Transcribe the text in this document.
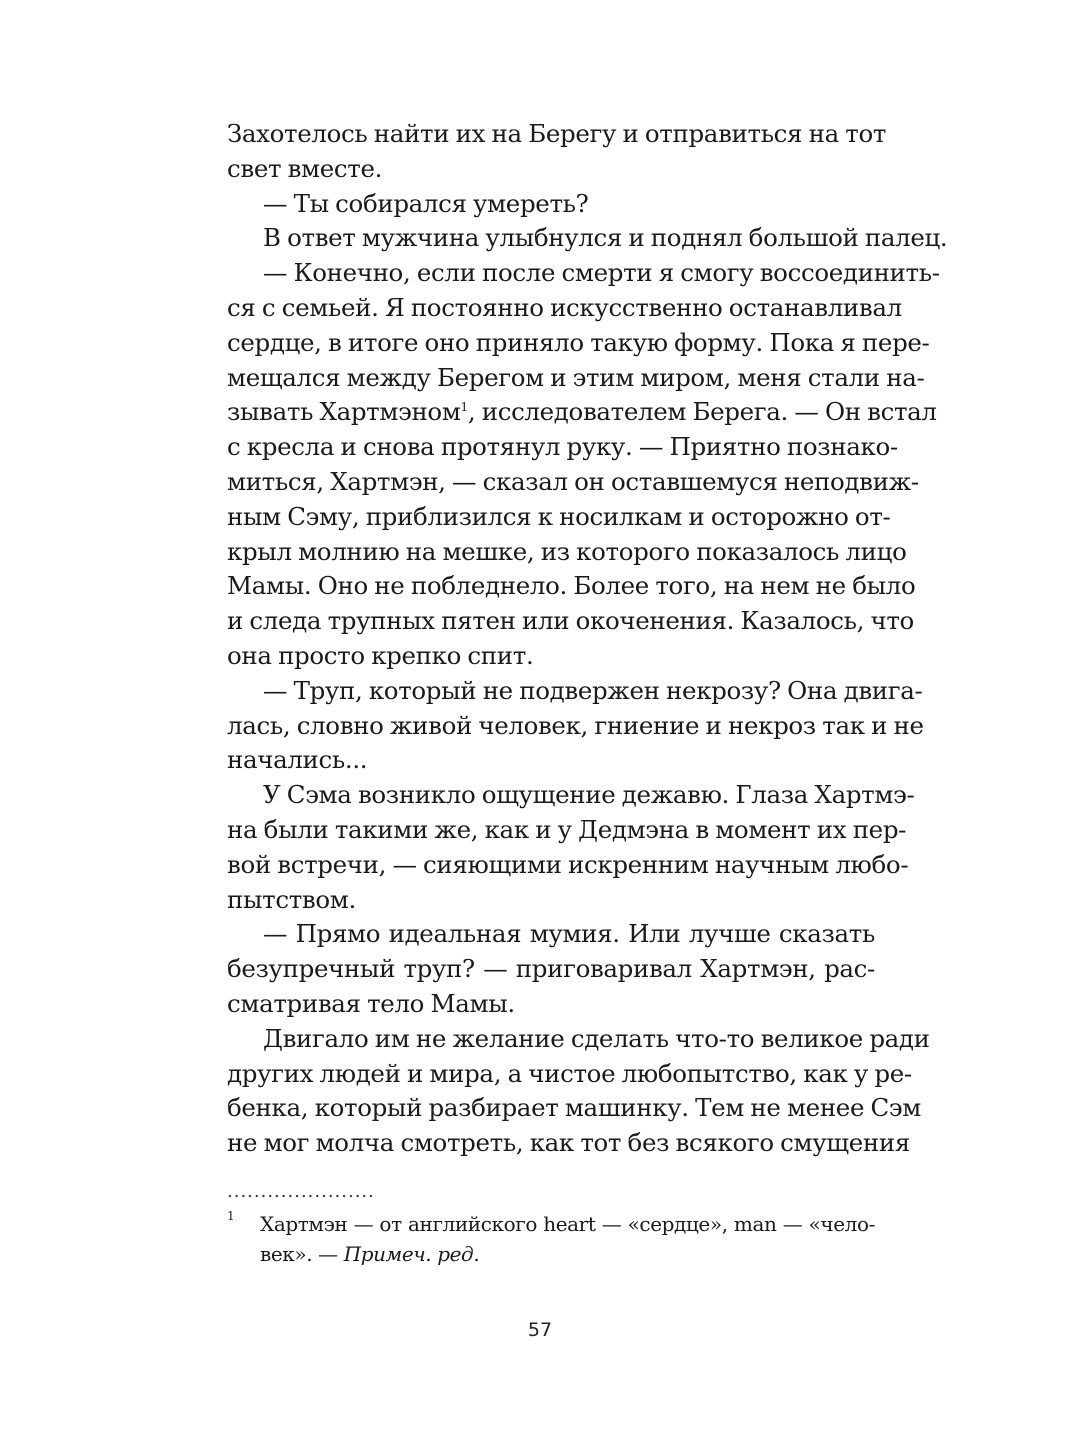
Захотелось найти их на Берегу и отправиться на тот
свет вместе.
— Ты собирался умереть?
В ответ мужчина улыбнулся и поднял большой палец.
— Конечно, если после смерти я смогу воссоединить-
ся с семьей. Я постоянно искусственно останавливал
сердце, в итоге оно приняло такую форму. Пока я пере-
мещался между Берегом и этим миром, меня стали на-
зывать Хартмэном$^1$, исследователем Берега. — Он встал
с кресла и снова протянул руку. — Приятно познако-
миться, Хартмэн, — сказал он оставшемуся неподвиж-
ным Сэму, приблизился к носилкам и осторожно от-
крыл молнию на мешке, из которого показалось лицо
Мамы. Оно не побледнело. Более того, на нем не было
и следа трупных пятен или окоченения. Казалось, что
она просто крепко спит.
— Труп, который не подвержен некрозу? Она двига-
лась, словно живой человек, гниение и некроз так и не
начались...
У Сэма возникло ощущение дежавю. Глаза Хартмэ-
на были такими же, как и у Дедмэна в момент их пер-
вой встречи, — сияющими искренним научным любо-
пытством.
— Прямо идеальная мумия. Или лучше сказать
безупречный труп? — приговаривал Хартмэн, рас-
сматривая тело Мамы.
Двигало им не желание сделать что-то великое ради
других людей и мира, а чистое любопытство, как у ре-
бенка, который разбирает машинку. Тем не менее Сэм
не мог молча смотреть, как тот без всякого смущения
......................
1	Хартмэн — от английского heart — «сердце», man — «чело-
век». — Примеч. ред.
57
